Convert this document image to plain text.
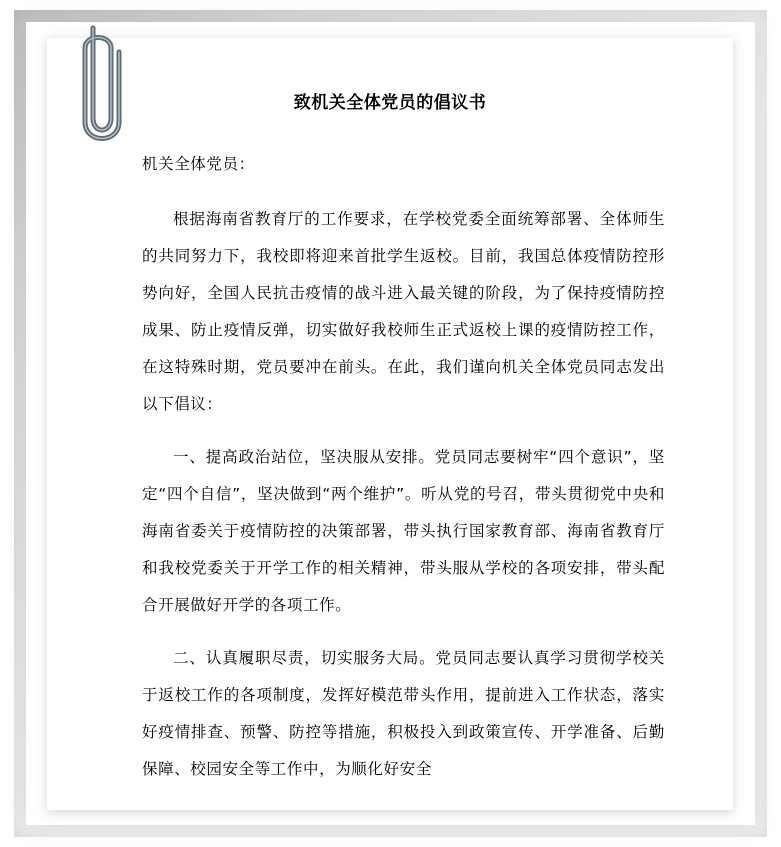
致机关全体党员的倡议书

机关全体党员：

根据海南省教育厅的工作要求，在学校党委全面统筹部署、全体师生的共同努力下，我校即将迎来首批学生返校。目前，我国总体疫情防控形势向好，全国人民抗击疫情的战斗进入最关键的阶段，为了保持疫情防控成果、防止疫情反弹，切实做好我校师生正式返校上课的疫情防控工作，在这特殊时期，党员要冲在前头。在此，我们谨向机关全体党员同志发出以下倡议：

一、提高政治站位，坚决服从安排。党员同志要树牢“四个意识”，坚定“四个自信”，坚决做到“两个维护”。听从党的号召，带头贯彻党中央和海南省委关于疫情防控的决策部署，带头执行国家教育部、海南省教育厅和我校党委关于开学工作的相关精神，带头服从学校的各项安排，带头配合开展做好开学的各项工作。

二、认真履职尽责，切实服务大局。党员同志要认真学习贯彻学校关于返校工作的各项制度，发挥好模范带头作用，提前进入工作状态，落实好疫情排查、预警、防控等措施，积极投入到政策宣传、开学准备、后勤保障、校园安全等工作中，为顺化好安全
